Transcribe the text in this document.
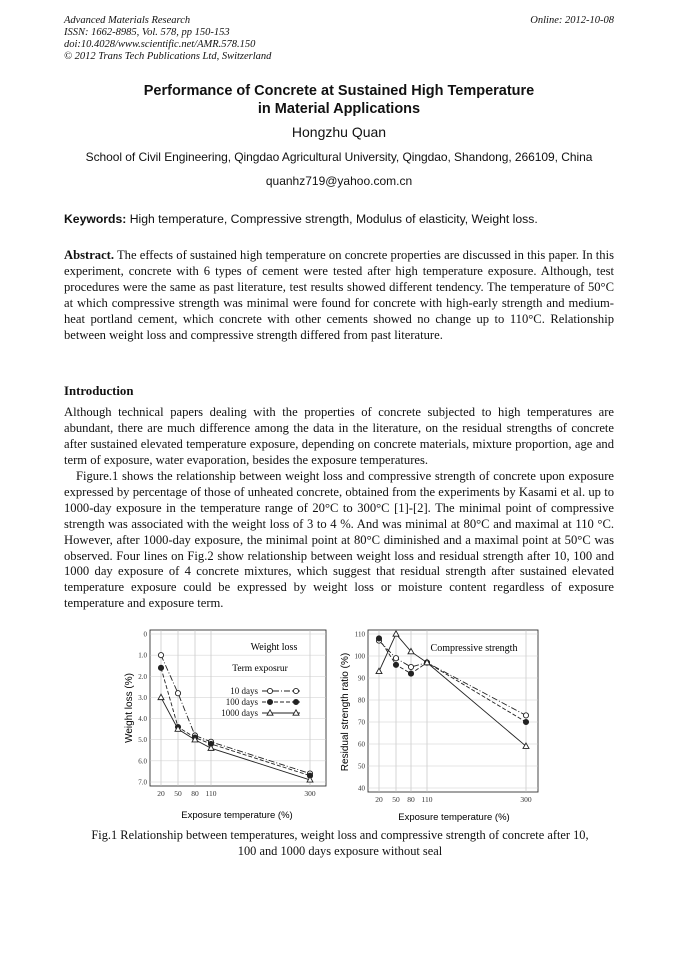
Advanced Materials Research
ISSN: 1662-8985, Vol. 578, pp 150-153
doi:10.4028/www.scientific.net/AMR.578.150
© 2012 Trans Tech Publications Ltd, Switzerland
Online: 2012-10-08
Performance of Concrete at Sustained High Temperature
in Material Applications
Hongzhu Quan
School of Civil Engineering, Qingdao Agricultural University, Qingdao, Shandong, 266109, China
quanhz719@yahoo.com.cn
Keywords: High temperature, Compressive strength, Modulus of elasticity, Weight loss.
Abstract. The effects of sustained high temperature on concrete properties are discussed in this paper. In this experiment, concrete with 6 types of cement were tested after high temperature exposure. Although, test procedures were the same as past literature, test results showed different tendency. The temperature of 50°C at which compressive strength was minimal were found for concrete with high-early strength and medium-heat portland cement, which concrete with other cements showed no change up to 110°C. Relationship between weight loss and compressive strength differed from past literature.
Introduction
Although technical papers dealing with the properties of concrete subjected to high temperatures are abundant, there are much difference among the data in the literature, on the residual strengths of concrete after sustained elevated temperature exposure, depending on concrete materials, mixture proportion, age and term of exposure, water evaporation, besides the exposure temperatures.
Figure.1 shows the relationship between weight loss and compressive strength of concrete upon exposure expressed by percentage of those of unheated concrete, obtained from the experiments by Kasami et al. up to 1000-day exposure in the temperature range of 20°C to 300°C [1]-[2]. The minimal point of compressive strength was associated with the weight loss of 3 to 4 %. And was minimal at 80°C and maximal at 110 °C. However, after 1000-day exposure, the minimal point at 80°C diminished and a maximal point at 50°C was observed. Four lines on Fig.2 show relationship between weight loss and residual strength after 10, 100 and 1000 day exposure of 4 concrete mixtures, which suggest that residual strength after sustained elevated temperature exposure could be expressed by weight loss or moisture content regardless of exposure temperature and exposure term.
20 50 80 110	300
0
1.0
2.0
3.0
4.0
5.0
6.0
7.0
Weight loss
Term exposrur
10 days
100 days
1000 days
Exposure temperature (%)
Weight loss (%)
20 50 80 110	300
40
50
60
70
80
90
100
110
Compressive strength
Exposure temperature (%)
Residual strength ratio (%)
Fig.1 Relationship between temperatures, weight loss and compressive strength of concrete after 10,
100 and 1000 days exposure without seal
